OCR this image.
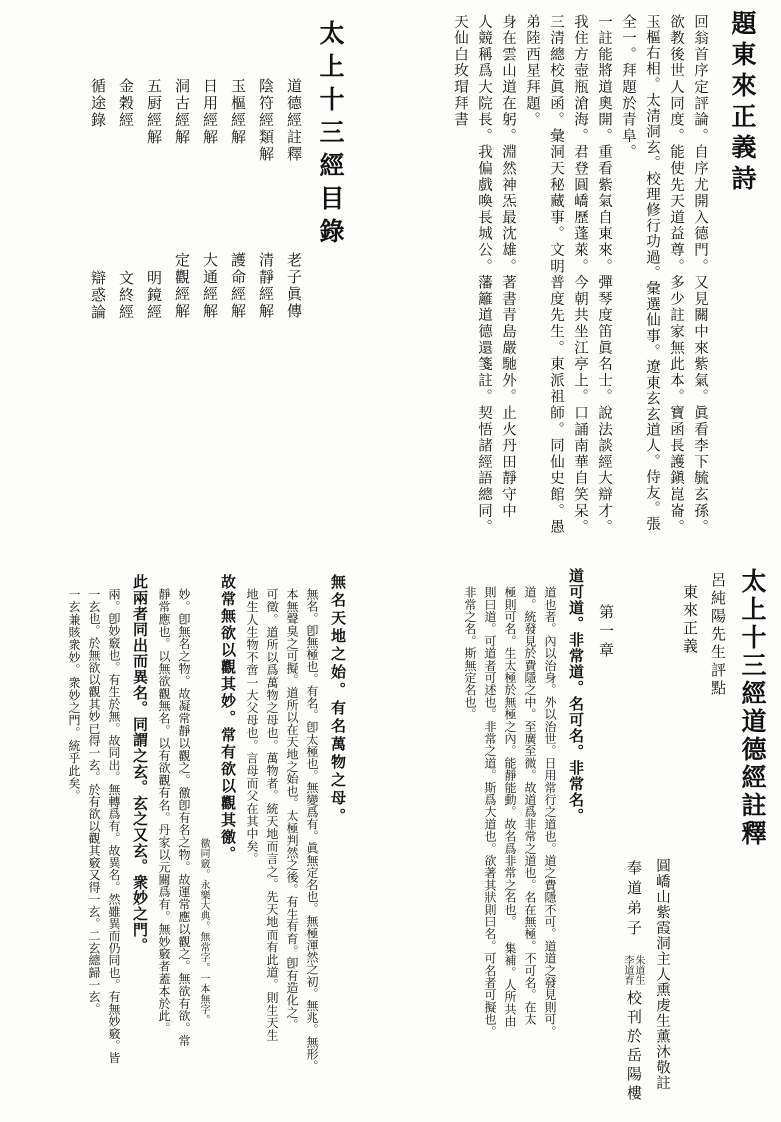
題東來正義詩
回翁首序定評論。自序尤開入德門。又見關中來紫氣。眞看李下毓玄孫。
欲教後世人同度。能使先天道益尊。多少註家無此本。寶函長護鎭崑崙。
玉樞右相。太清洞玄。校理修行功過。彙選仙事。遼東玄玄道人。侍友。張
全一。拜題於青阜。
一註能將道奧開。重看紫氣自東來。彈琴度笛眞名士。說法談經大辯才。
我住方壺瓶滄海。君登圓嶠歷蓬萊。今朝共坐江亭上。口誦南華自笑呆。
三清總校眞函。彙洞天秘藏事。文明普度先生。東派祖師。同仙史館。愚
弟陸西星拜題。
身在雲山道在躬。淵然神炁最沈雄。著書青島嚴馳外。止火丹田靜守中
人競稱爲大院長。我偏戲喚長城公。藩籬道德還箋註。契悟諸經語總同。
天仙白玫瑁拜書
太上十三經目錄
道德經註釋
陰符經類解
玉樞經解
日用經解
洞古經解
五厨經解
金穀經
循途錄
老子眞傳
清靜經解
護命經解
大通經解
定觀經解
明鏡經
文終經
辯惑論
太上十三經道德經註釋
呂純陽先生評點
東來正義
圓嶠山紫霞洞主人熏䖍生薰沐敬註
奉道弟子
朱道生
李道育
校刊於岳陽樓
第一章
道可道。非常道。名可名。非常名。
道也者。內以治身。外以治世。日用常行之道也。道之費隱不可。道道之發見則可。
道。統發見於費隱之中。至廣至微。故道爲非常之道也。名在無極。不可名。在太
極則可名。生太極於無極之內。能靜能動。故名爲非常之名也。 集補。人所共由
則曰道。可道者可述也。非常之道。斯爲大道也。欲著其狀則曰名。可名者可擬也。
非常之名。斯無定名也。
無名天地之始。有名萬物之母。
無名。卽無極也。有名。卽太極也。無變爲有。眞無定名也。無極渾然之初。無兆。無形。
本無聲臭之可擬。道所以在天地之始也。太極判然之後。有生有育。卽有造化之。
可徵。道所以爲萬物之母也。萬物者。統天地而言之。先天地而有此道。則生天生
地生人生物不啻一大父母也。言母而父在其中矣。
故常無欲以觀其妙。常有欲以觀其徼。
徼同竅。永樂大典。無常字。一本無字。
妙。卽無名之物。故凝常靜以觀之。徼卽有名之物。故運常應以觀之。無欲有欲。常
靜常應也。以無欲觀無名。以有欲觀有名。丹家以元關爲有。無妙竅者蓋本於此。
此兩者同出而異名。同謂之玄。玄之又玄。衆妙之門。
兩。卽妙竅也。有生於無。故同出。無轉爲有。故異名。然雖異而仍同也。有無妙竅。皆
一玄也。於無欲以觀其妙已得一玄。於有欲以觀其竅又得一玄。二玄總歸一玄。
一玄兼賅衆妙。衆妙之門。統乎此矣。
